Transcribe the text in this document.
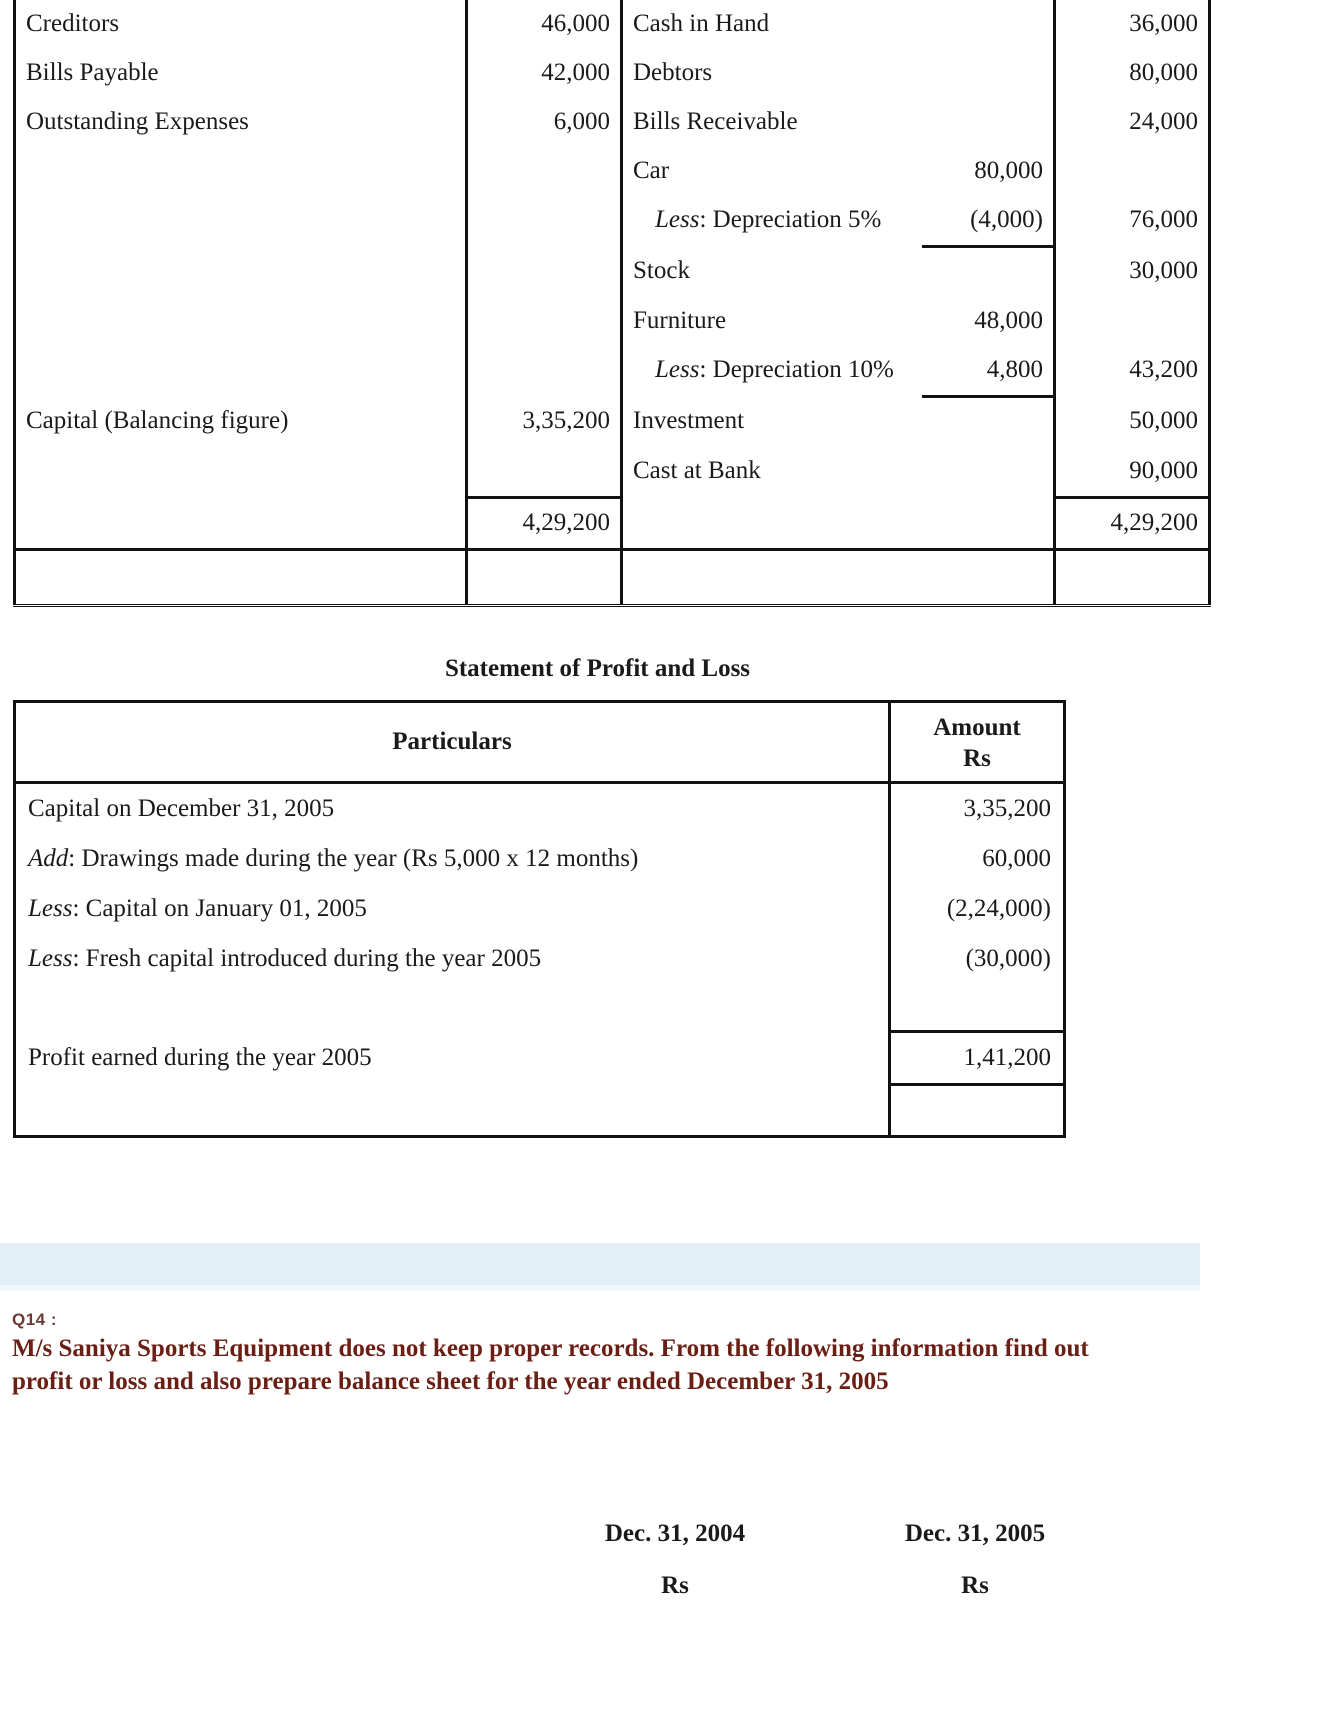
Creditors	46,000	Cash in Hand		36,000
Bills Payable	42,000	Debtors		80,000
Outstanding Expenses	6,000	Bills Receivable		24,000
		Car	80,000	
		Less: Depreciation 5%	(4,000)	76,000
		Stock		30,000
		Furniture	48,000	
		Less: Depreciation 10%	4,800	43,200
Capital (Balancing figure)	3,35,200	Investment		50,000
		Cast at Bank		90,000
	4,29,200			4,29,200

Statement of Profit and Loss
Particulars	Amount
	Rs
Capital on December 31, 2005	3,35,200
Add: Drawings made during the year (Rs 5,000 x 12 months)	60,000
Less: Capital on January 01, 2005	(2,24,000)
Less: Fresh capital introduced during the year 2005	(30,000)

Profit earned during the year 2005	1,41,200

Q14 :
M/s Saniya Sports Equipment does not keep proper records. From the following information find out profit or loss and also prepare balance sheet for the year ended December 31, 2005
Dec. 31, 2004	Dec. 31, 2005
Rs	Rs
